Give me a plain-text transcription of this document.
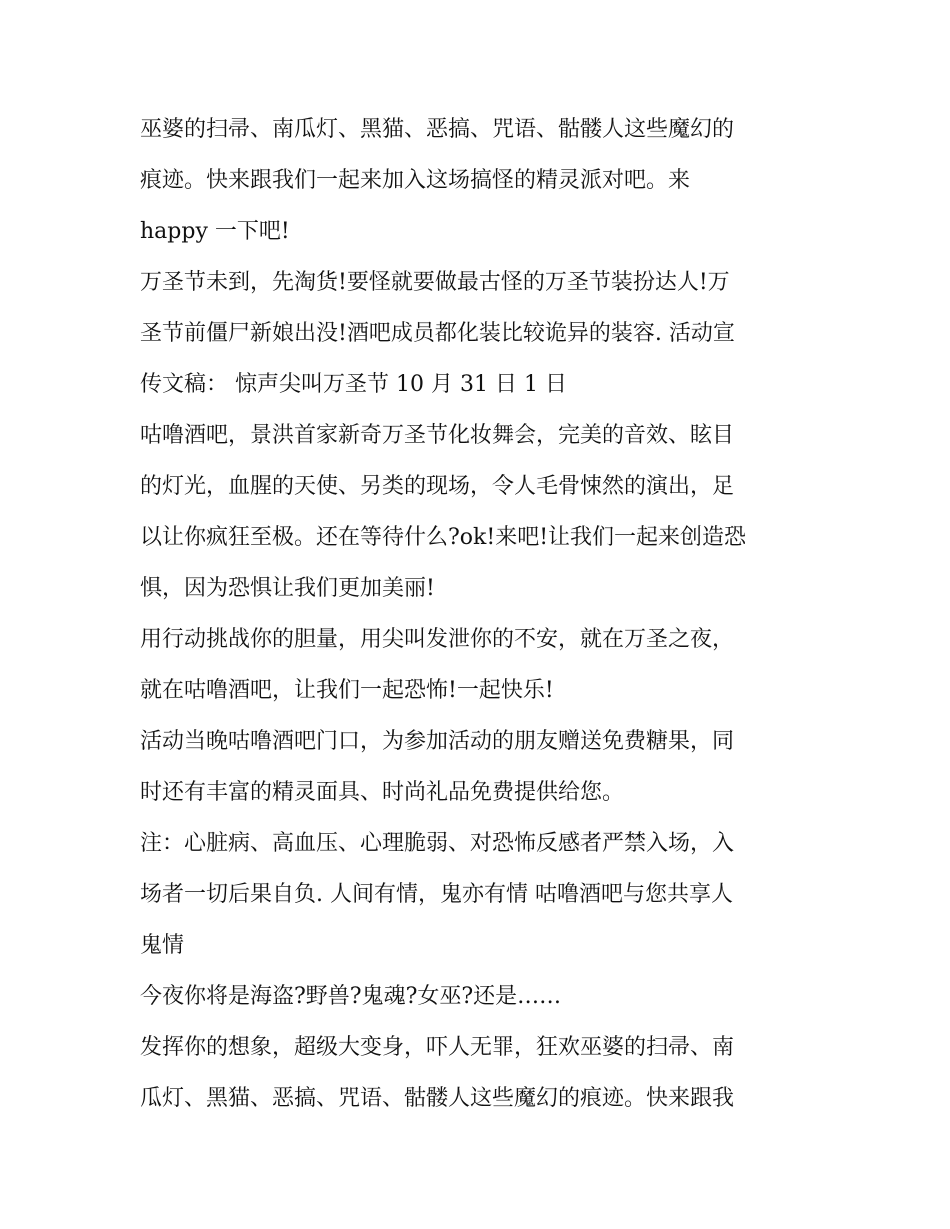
巫婆的扫帚、南瓜灯、黑猫、恶搞、咒语、骷髅人这些魔幻的
痕迹。快来跟我们一起来加入这场搞怪的精灵派对吧。来
happy 一下吧!
万圣节未到，先淘货!要怪就要做最古怪的万圣节装扮达人!万
圣节前僵尸新娘出没!酒吧成员都化装比较诡异的装容. 活动宣
传文稿： 惊声尖叫万圣节 10 月 31 日 1 日
咕噜酒吧，景洪首家新奇万圣节化妆舞会，完美的音效、眩目
的灯光，血腥的天使、另类的现场，令人毛骨悚然的演出，足
以让你疯狂至极。还在等待什么?ok!来吧!让我们一起来创造恐
惧，因为恐惧让我们更加美丽!
用行动挑战你的胆量，用尖叫发泄你的不安，就在万圣之夜，
就在咕噜酒吧，让我们一起恐怖!一起快乐!
活动当晚咕噜酒吧门口，为参加活动的朋友赠送免费糖果，同
时还有丰富的精灵面具、时尚礼品免费提供给您。
注：心脏病、高血压、心理脆弱、对恐怖反感者严禁入场，入
场者一切后果自负. 人间有情，鬼亦有情 咕噜酒吧与您共享人
鬼情
今夜你将是海盗?野兽?鬼魂?女巫?还是……
发挥你的想象，超级大变身，吓人无罪，狂欢巫婆的扫帚、南
瓜灯、黑猫、恶搞、咒语、骷髅人这些魔幻的痕迹。快来跟我
